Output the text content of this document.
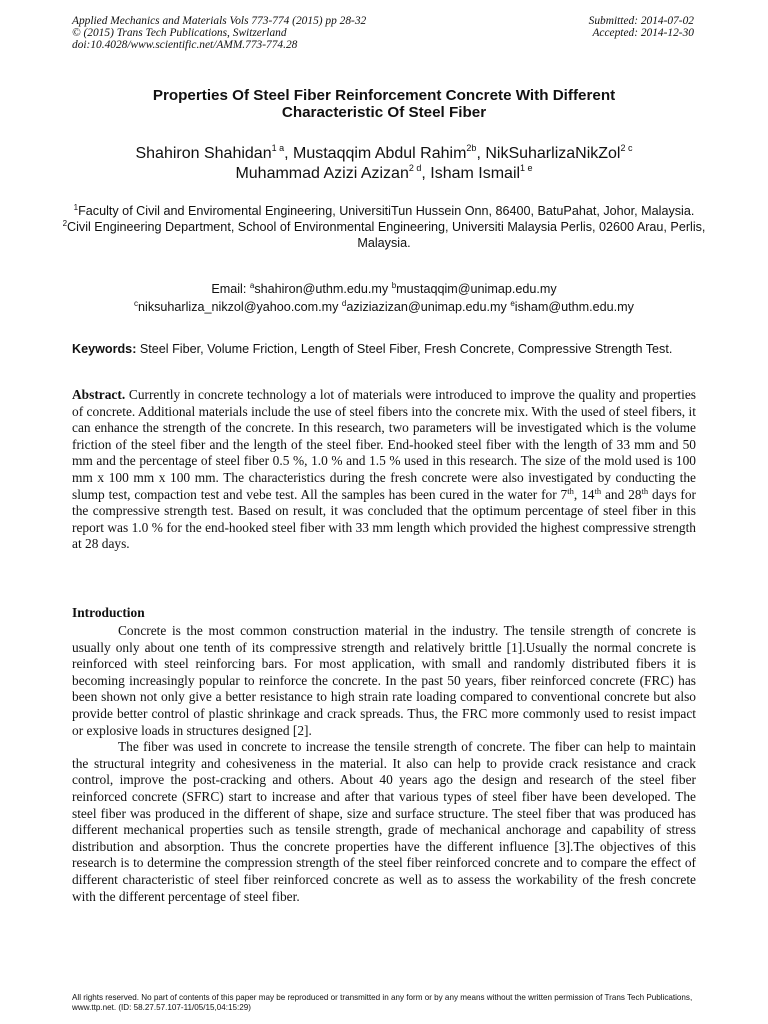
Applied Mechanics and Materials Vols 773-774 (2015) pp 28-32
© (2015) Trans Tech Publications, Switzerland
doi:10.4028/www.scientific.net/AMM.773-774.28
Submitted: 2014-07-02
Accepted: 2014-12-30
Properties Of Steel Fiber Reinforcement Concrete With Different
Characteristic Of Steel Fiber
Shahiron Shahidan$^{1 a}$, Mustaqqim Abdul Rahim$^{2b}$, NikSuharlizaNikZol$^{2 c}$
Muhammad Azizi Azizan$^{2 d}$, Isham Ismail$^{1 e}$
$^1$Faculty of Civil and Enviromental Engineering, UniversitiTun Hussein Onn, 86400, BatuPahat, Johor, Malaysia.
$^2$Civil Engineering Department, School of Environmental Engineering, Universiti Malaysia Perlis, 02600 Arau, Perlis, Malaysia.
Email: $^a$shahiron@uthm.edu.my $^b$mustaqqim@unimap.edu.my
$^c$niksuharliza_nikzol@yahoo.com.my $^d$aziziazizan@unimap.edu.my $^e$isham@uthm.edu.my
Keywords: Steel Fiber, Volume Friction, Length of Steel Fiber, Fresh Concrete, Compressive Strength Test.
Abstract. Currently in concrete technology a lot of materials were introduced to improve the quality and properties of concrete. Additional materials include the use of steel fibers into the concrete mix. With the used of steel fibers, it can enhance the strength of the concrete. In this research, two parameters will be investigated which is the volume friction of the steel fiber and the length of the steel fiber. End-hooked steel fiber with the length of 33 mm and 50 mm and the percentage of steel fiber 0.5 %, 1.0 % and 1.5 % used in this research. The size of the mold used is 100 mm x 100 mm x 100 mm. The characteristics during the fresh concrete were also investigated by conducting the slump test, compaction test and vebe test. All the samples has been cured in the water for 7th, 14th and 28th days for the compressive strength test. Based on result, it was concluded that the optimum percentage of steel fiber in this report was 1.0 % for the end-hooked steel fiber with 33 mm length which provided the highest compressive strength at 28 days.
Introduction

Concrete is the most common construction material in the industry. The tensile strength of concrete is usually only about one tenth of its compressive strength and relatively brittle [1].Usually the normal concrete is reinforced with steel reinforcing bars. For most application, with small and randomly distributed fibers it is becoming increasingly popular to reinforce the concrete. In the past 50 years, fiber reinforced concrete (FRC) has been shown not only give a better resistance to high strain rate loading compared to conventional concrete but also provide better control of plastic shrinkage and crack spreads. Thus, the FRC more commonly used to resist impact or explosive loads in structures designed [2].

The fiber was used in concrete to increase the tensile strength of concrete. The fiber can help to maintain the structural integrity and cohesiveness in the material. It also can help to provide crack resistance and crack control, improve the post-cracking and others. About 40 years ago the design and research of the steel fiber reinforced concrete (SFRC) start to increase and after that various types of steel fiber have been developed. The steel fiber was produced in the different of shape, size and surface structure. The steel fiber that was produced has different mechanical properties such as tensile strength, grade of mechanical anchorage and capability of stress distribution and absorption. Thus the concrete properties have the different influence [3].The objectives of this research is to determine the compression strength of the steel fiber reinforced concrete and to compare the effect of different characteristic of steel fiber reinforced concrete as well as to assess the workability of the fresh concrete with the different percentage of steel fiber.

All rights reserved. No part of contents of this paper may be reproduced or transmitted in any form or by any means without the written permission of Trans Tech Publications, www.ttp.net. (ID: 58.27.57.107-11/05/15,04:15:29)
